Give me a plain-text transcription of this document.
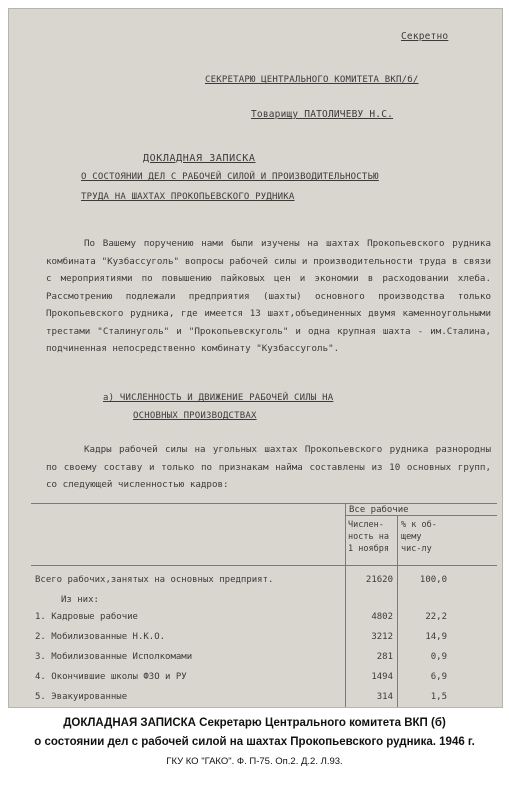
Секретно
СЕКРЕТАРЮ ЦЕНТРАЛЬНОГО КОМИТЕТА ВКП/б/
Товарищу ПАТОЛИЧЕВУ Н.С.
ДОКЛАДНАЯ ЗАПИСКА
О СОСТОЯНИИ ДЕЛ С РАБОЧЕЙ СИЛОЙ И ПРОИЗВОДИТЕЛЬНОСТЬЮ
ТРУДА НА ШАХТАХ ПРОКОПЬЕВСКОГО РУДНИКА
По Вашему поручению нами были изучены на шахтах Прокопьевского рудника комбината "Кузбассуголь" вопросы рабочей силы и производительности труда в связи с мероприятиями по повышению пайковых цен и экономии в расходовании хлеба. Рассмотрению подлежали предприятия (шахты) основного производства только Прокопьевского рудника, где имеется 13 шахт,объединенных двумя каменноугольными трестами "Сталинуголь" и "Прокопьевскуголь" и одна крупная шахта - им.Сталина, подчиненная непосредственно комбинату "Кузбассуголь".
а) ЧИСЛЕННОСТЬ И ДВИЖЕНИЕ РАБОЧЕЙ СИЛЫ НА
ОСНОВНЫХ ПРОИЗВОДСТВАХ
Кадры рабочей силы на угольных шахтах Прокопьевского рудника разнородны по своему составу и только по признакам найма составлены из 10 основных групп, со следующей численностью кадров:
Все рабочие
Числен-ность на 1 ноября
% к об-щему чис-лу
Всего рабочих,занятых на основных предприят.	21620	100,0
Из них:
1. Кадровые рабочие	4802	22,2
2. Мобилизованные Н.К.О.	3212	14,9
3. Мобилизованные Исполкомами	281	0,9
4. Окончившие школы ФЗО и РУ	1494	6,9
5. Эвакуированные	314	1,5
ДОКЛАДНАЯ ЗАПИСКА Секретарю Центрального комитета ВКП (б)
о состоянии дел с рабочей силой на шахтах Прокопьевского рудника. 1946 г.
ГКУ КО "ГАКО". Ф. П-75. Оп.2. Д.2. Л.93.
